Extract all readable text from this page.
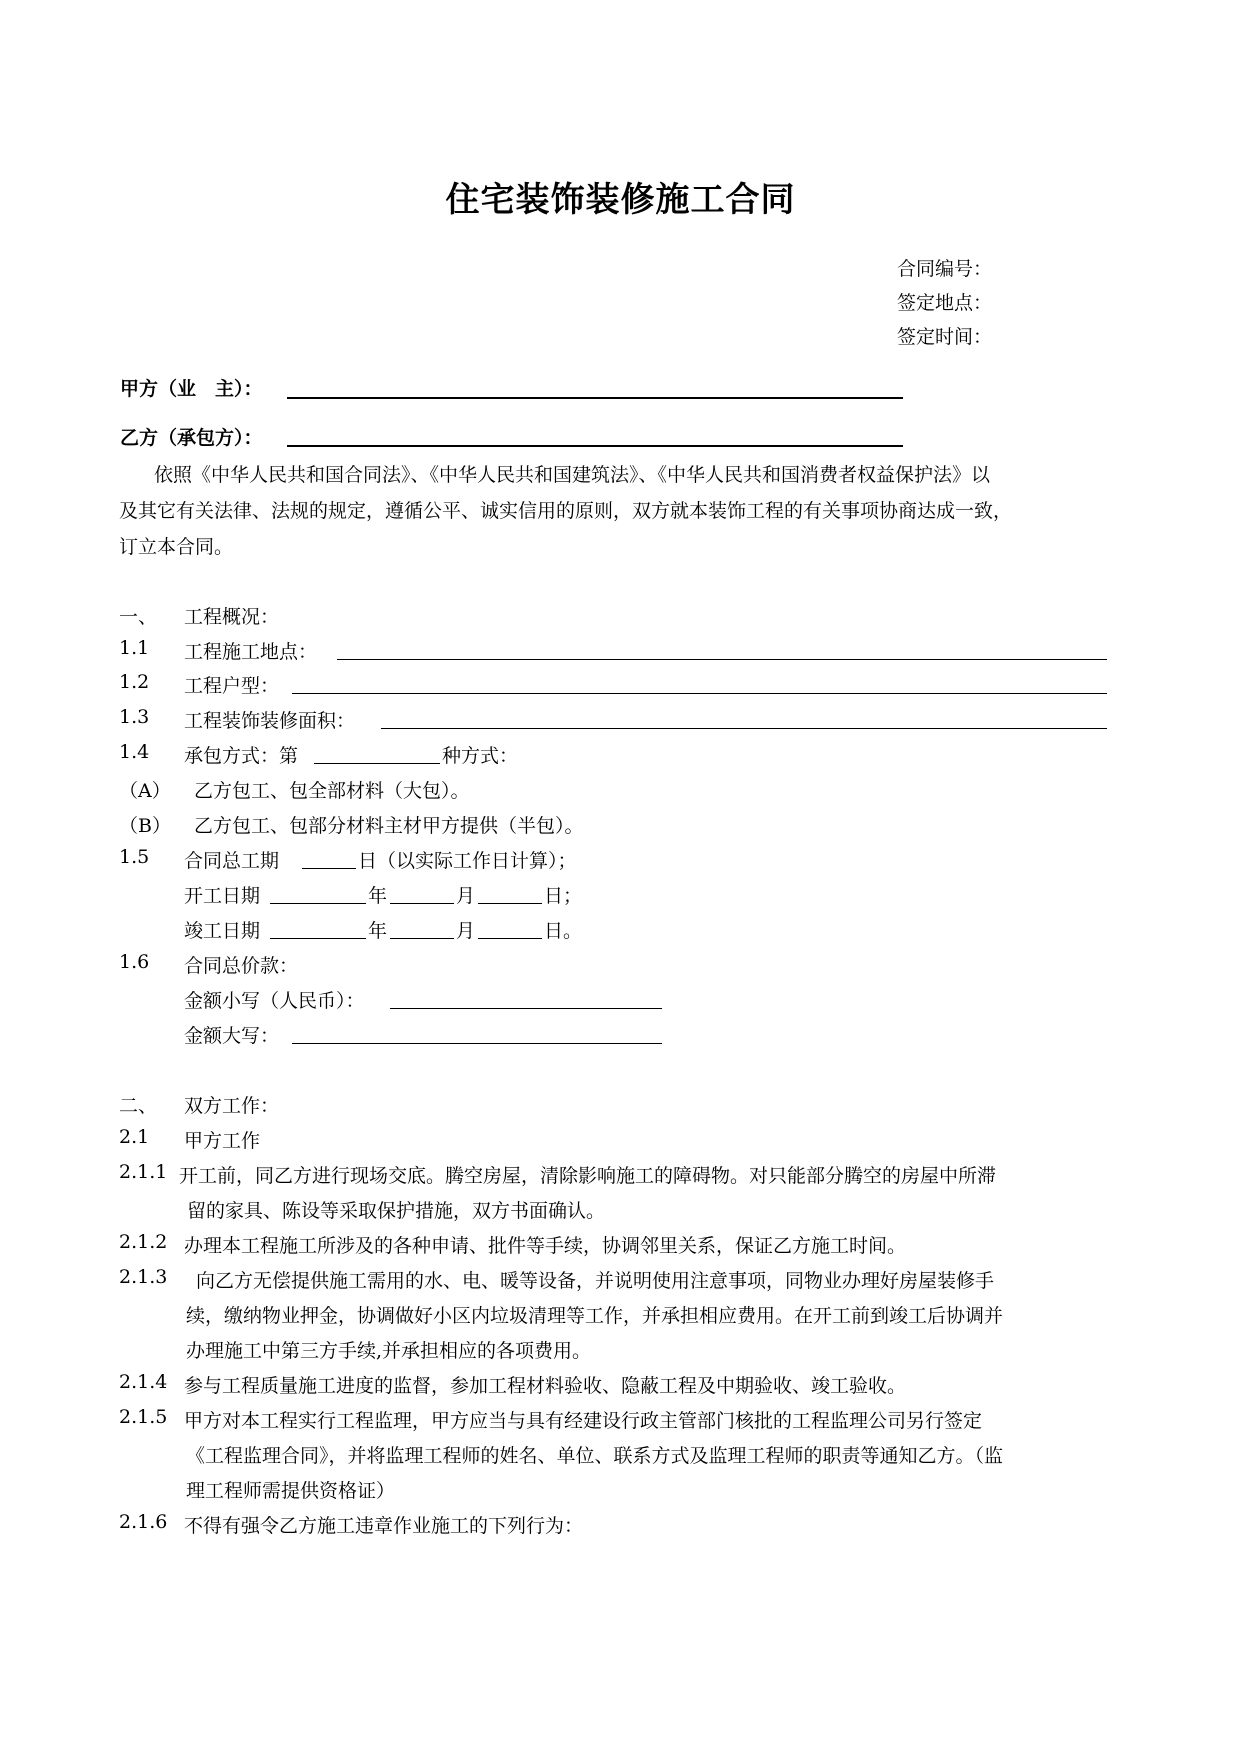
住宅装饰装修施工合同
合同编号：
签定地点：
签定时间：
甲方（业　主）：
乙方（承包方）：
依照《中华人民共和国合同法》、《中华人民共和国建筑法》、《中华人民共和国消费者权益保护法》以
及其它有关法律、法规的规定，遵循公平、诚实信用的原则，双方就本装饰工程的有关事项协商达成一致，
订立本合同。
一、 工程概况：
1.1 工程施工地点：
1.2 工程户型：
1.3 工程装饰装修面积：
1.4 承包方式：第	种方式：
（A） 乙方包工、包全部材料（大包）。
（B） 乙方包工、包部分材料主材甲方提供（半包）。
1.5 合同总工期	日（以实际工作日计算）；
开工日期	年	月	日；
竣工日期	年	月	日。
1.6 合同总价款：
金额小写（人民币）：
金额大写：
二、 双方工作：
2.1 甲方工作
2.1.1 开工前，同乙方进行现场交底。腾空房屋，清除影响施工的障碍物。对只能部分腾空的房屋中所滞
留的家具、陈设等采取保护措施，双方书面确认。
2.1.2 办理本工程施工所涉及的各种申请、批件等手续，协调邻里关系，保证乙方施工时间。
2.1.3 向乙方无偿提供施工需用的水、电、暖等设备，并说明使用注意事项，同物业办理好房屋装修手
续，缴纳物业押金，协调做好小区内垃圾清理等工作，并承担相应费用。在开工前到竣工后协调并
办理施工中第三方手续,并承担相应的各项费用。
2.1.4 参与工程质量施工进度的监督，参加工程材料验收、隐蔽工程及中期验收、竣工验收。
2.1.5 甲方对本工程实行工程监理，甲方应当与具有经建设行政主管部门核批的工程监理公司另行签定
《工程监理合同》，并将监理工程师的姓名、单位、联系方式及监理工程师的职责等通知乙方。（监
理工程师需提供资格证）
2.1.6 不得有强令乙方施工违章作业施工的下列行为：
